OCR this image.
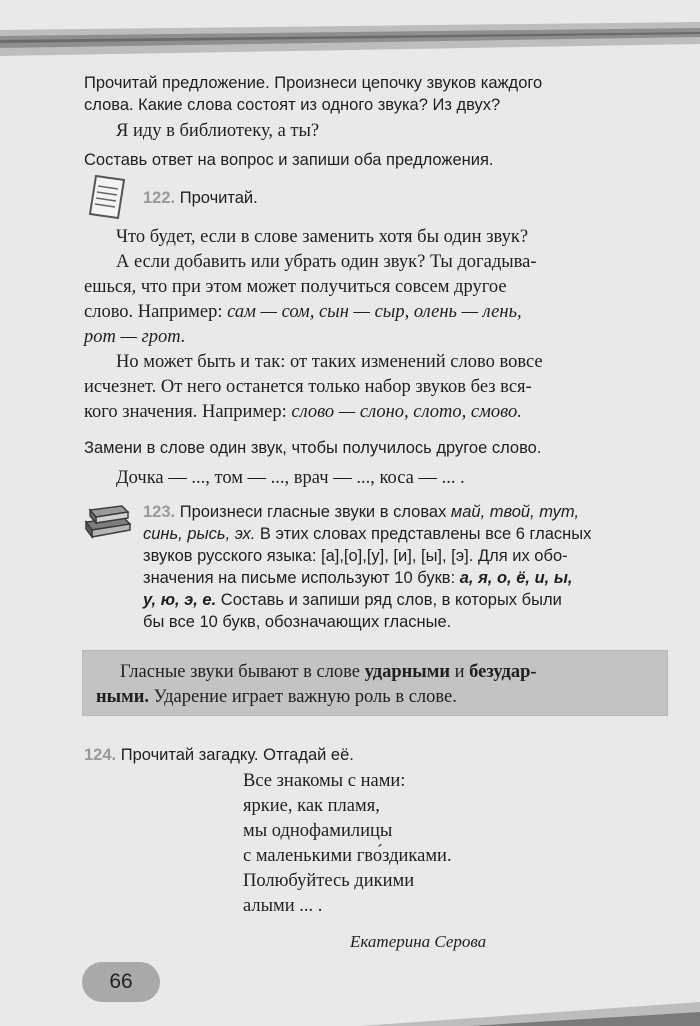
Прочитай предложение. Произнеси цепочку звуков каждого

слова. Какие слова состоят из одного звука? Из двух?

Я иду в библиотеку, а ты?

Составь ответ на вопрос и запиши оба предложения.

122. Прочитай.

Что будет, если в слове заменить хотя бы один звук?

А если добавить или убрать один звук? Ты догадыва-

ешься, что при этом может получиться совсем другое

слово. Например: сам — сом, сын — сыр, олень — лень,

рот — грот.

Но может быть и так: от таких изменений слово вовсе

исчезнет. От него останется только набор звуков без вся-

кого значения. Например: слово — слоно, слото, смово.

Замени в слове один звук, чтобы получилось другое слово.

Дочка — ..., том — ..., врач — ..., коса — ... .

123. Произнеси гласные звуки в словах май, твой, тут,

синь, рысь, эх. В этих словах представлены все 6 гласных

звуков русского языка: [а],[о],[у], [и], [ы], [э]. Для их обо-

значения на письме используют 10 букв: а, я, о, ё, и, ы,

у, ю, э, е. Составь и запиши ряд слов, в которых были

бы все 10 букв, обозначающих гласные.

Гласные звуки бывают в слове ударными и безудар-
ными. Ударение играет важную роль в слове.

124. Прочитай загадку. Отгадай её.

Все знакомы с нами:

яркие, как пламя,

мы однофамилицы

с маленькими гво́здиками.

Полюбуйтесь дикими

алыми ... .

Екатерина Серова
66
